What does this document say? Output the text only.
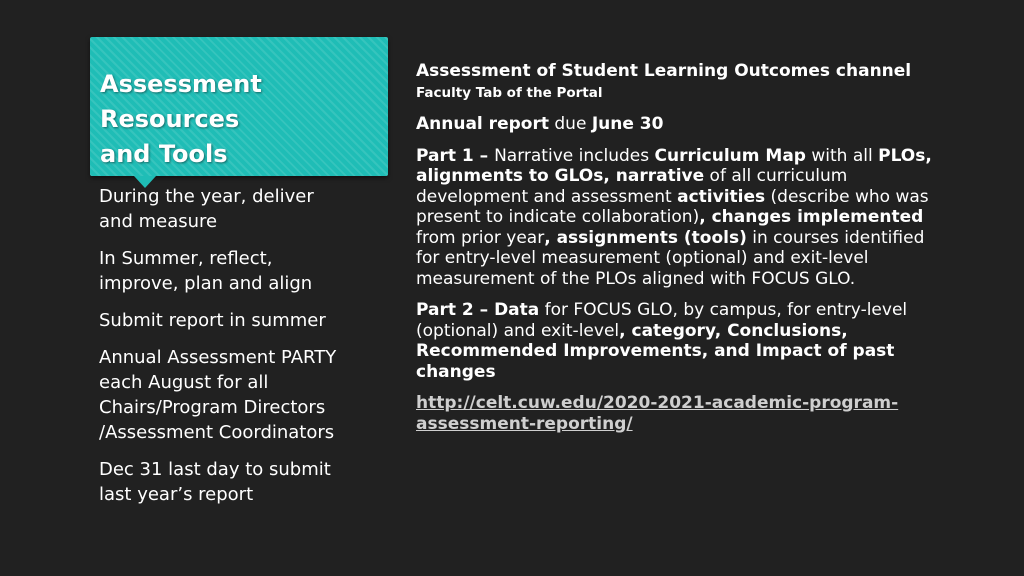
Assessment
Resources
and Tools

During the year, deliver
and measure

In Summer, reflect,
improve, plan and align

Submit report in summer

Annual Assessment PARTY
each August for all
Chairs/Program Directors
/Assessment Coordinators

Dec 31 last day to submit
last year’s report

Assessment of Student Learning Outcomes channel Faculty Tab of the Portal

Annual report due June 30

Part 1 – Narrative includes Curriculum Map with all PLOs, alignments to GLOs, narrative of all curriculum development and assessment activities (describe who was present to indicate collaboration), changes implemented from prior year, assignments (tools) in courses identified for entry-level measurement (optional) and exit-level measurement of the PLOs aligned with FOCUS GLO.

Part 2 – Data for FOCUS GLO, by campus, for entry-level (optional) and exit-level, category, Conclusions, Recommended Improvements, and Impact of past changes

http://celt.cuw.edu/2020-2021-academic-program-assessment-reporting/
